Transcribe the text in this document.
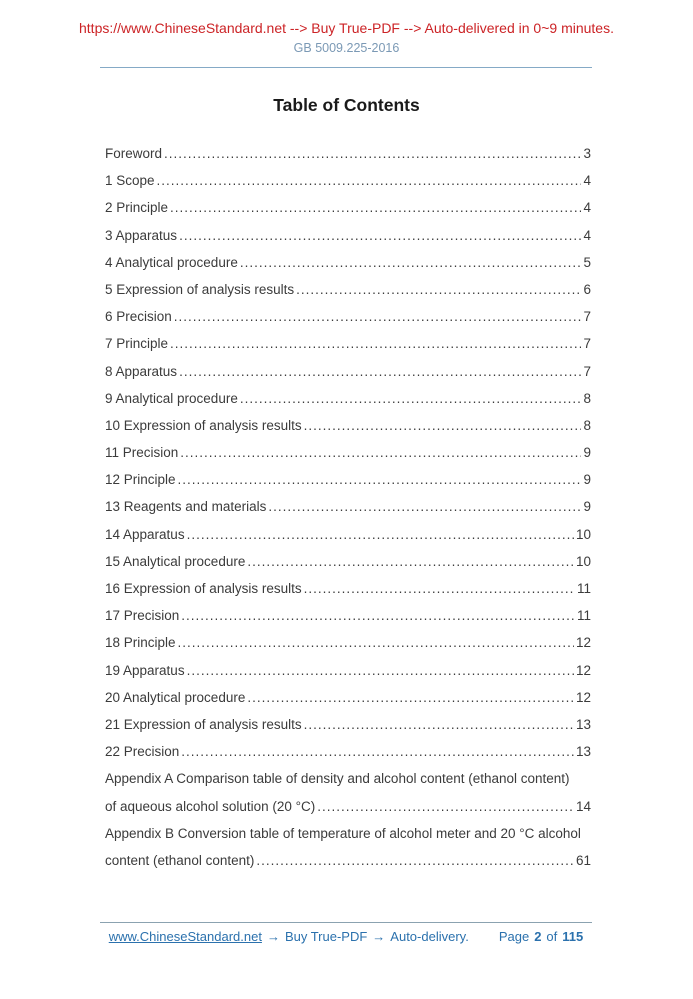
https://www.ChineseStandard.net --> Buy True-PDF --> Auto-delivered in 0~9 minutes.
GB 5009.225-2016
Table of Contents
Foreword .....	3
1 Scope .....	4
2 Principle .....	4
3 Apparatus .....	4
4 Analytical procedure .....	5
5 Expression of analysis results .....	6
6 Precision .....	7
7 Principle .....	7
8 Apparatus .....	7
9 Analytical procedure .....	8
10 Expression of analysis results .....	8
11 Precision .....	9
12 Principle .....	9
13 Reagents and materials .....	9
14 Apparatus .....	10
15 Analytical procedure .....	10
16 Expression of analysis results .....	11
17 Precision .....	11
18 Principle .....	12
19 Apparatus .....	12
20 Analytical procedure .....	12
21 Expression of analysis results .....	13
22 Precision .....	13
Appendix A Comparison table of density and alcohol content (ethanol content)
of aqueous alcohol solution (20 °C) .....	14
Appendix B Conversion table of temperature of alcohol meter and 20 °C alcohol
content (ethanol content) .....	61
www.ChineseStandard.net → Buy True-PDF → Auto-delivery. Page 2 of 115
